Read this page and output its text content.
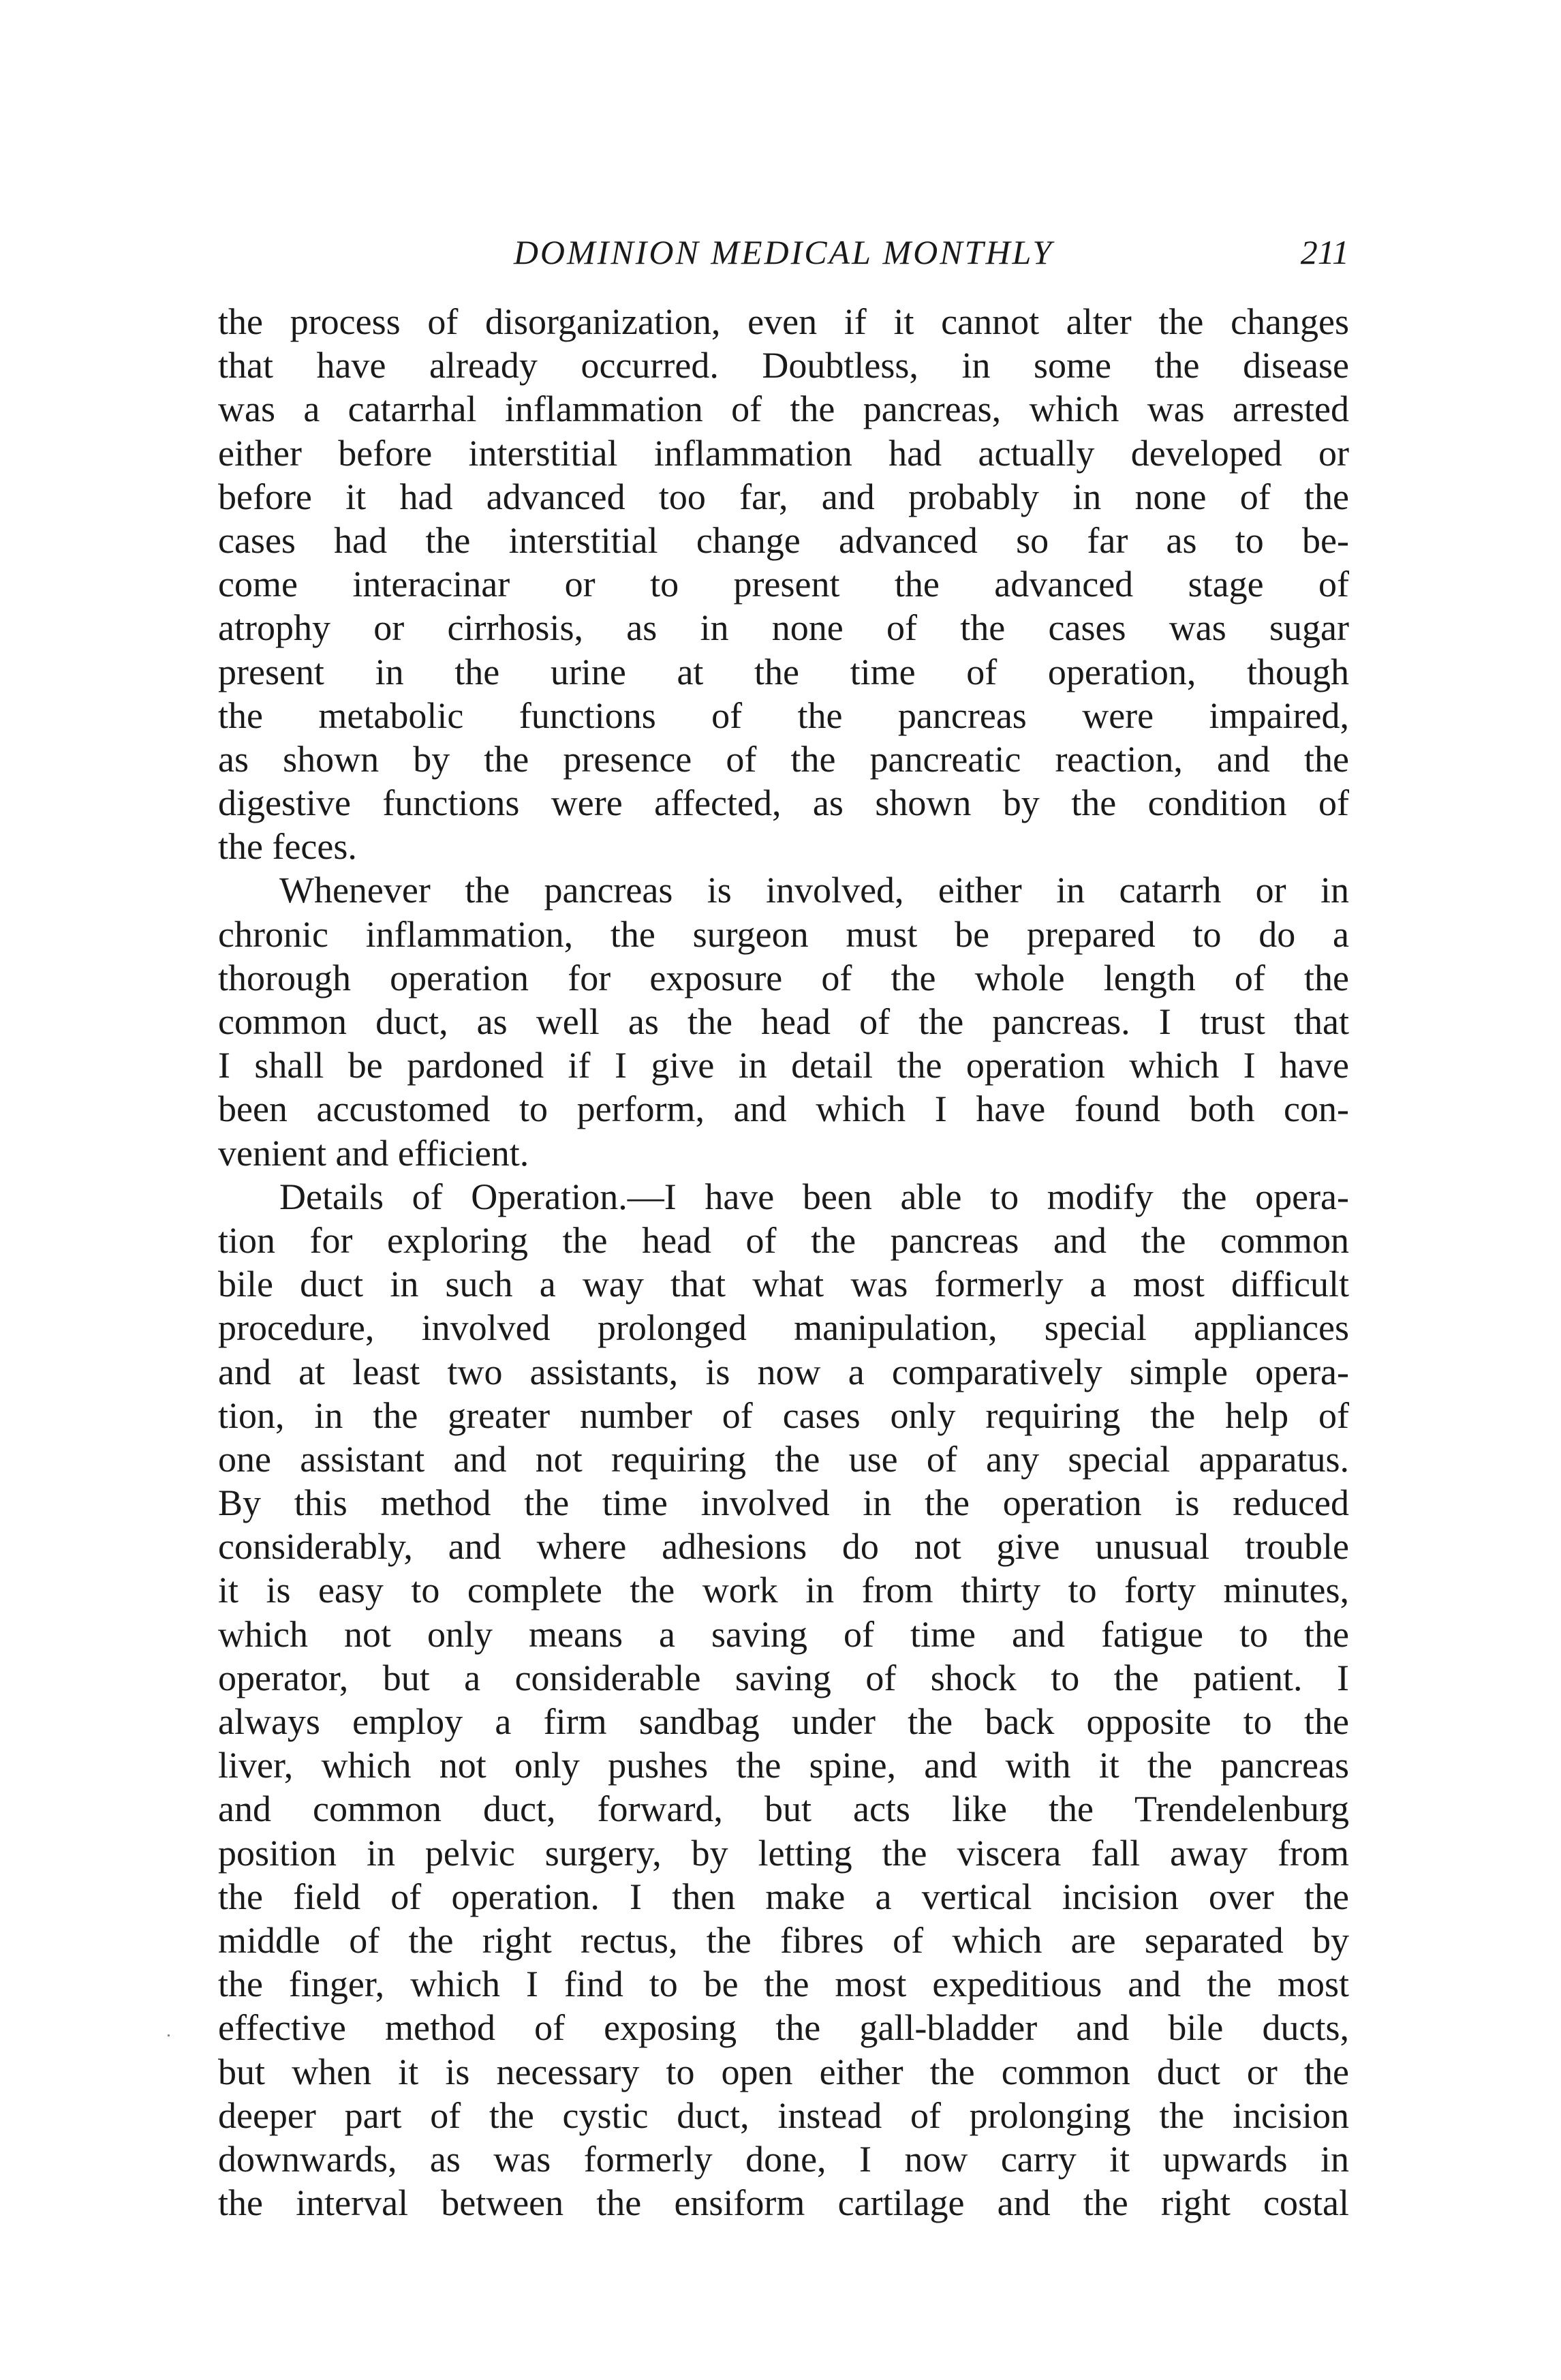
DOMINION MEDICAL MONTHLY	211
the process of disorganization, even if it cannot alter the changes
that have already occurred. Doubtless, in some the disease
was a catarrhal inflammation of the pancreas, which was arrested
either before interstitial inflammation had actually developed or
before it had advanced too far, and probably in none of the
cases had the interstitial change advanced so far as to be-
come interacinar or to present the advanced stage of
atrophy or cirrhosis, as in none of the cases was sugar
present in the urine at the time of operation, though
the metabolic functions of the pancreas were impaired,
as shown by the presence of the pancreatic reaction, and the
digestive functions were affected, as shown by the condition of
the feces.
Whenever the pancreas is involved, either in catarrh or in
chronic inflammation, the surgeon must be prepared to do a
thorough operation for exposure of the whole length of the
common duct, as well as the head of the pancreas. I trust that
I shall be pardoned if I give in detail the operation which I have
been accustomed to perform, and which I have found both con-
venient and efficient.
Details of Operation.—I have been able to modify the opera-
tion for exploring the head of the pancreas and the common
bile duct in such a way that what was formerly a most difficult
procedure, involved prolonged manipulation, special appliances
and at least two assistants, is now a comparatively simple opera-
tion, in the greater number of cases only requiring the help of
one assistant and not requiring the use of any special apparatus.
By this method the time involved in the operation is reduced
considerably, and where adhesions do not give unusual trouble
it is easy to complete the work in from thirty to forty minutes,
which not only means a saving of time and fatigue to the
operator, but a considerable saving of shock to the patient. I
always employ a firm sandbag under the back opposite to the
liver, which not only pushes the spine, and with it the pancreas
and common duct, forward, but acts like the Trendelenburg
position in pelvic surgery, by letting the viscera fall away from
the field of operation. I then make a vertical incision over the
middle of the right rectus, the fibres of which are separated by
the finger, which I find to be the most expeditious and the most
effective method of exposing the gall-bladder and bile ducts,
but when it is necessary to open either the common duct or the
deeper part of the cystic duct, instead of prolonging the incision
downwards, as was formerly done, I now carry it upwards in
the interval between the ensiform cartilage and the right costal
